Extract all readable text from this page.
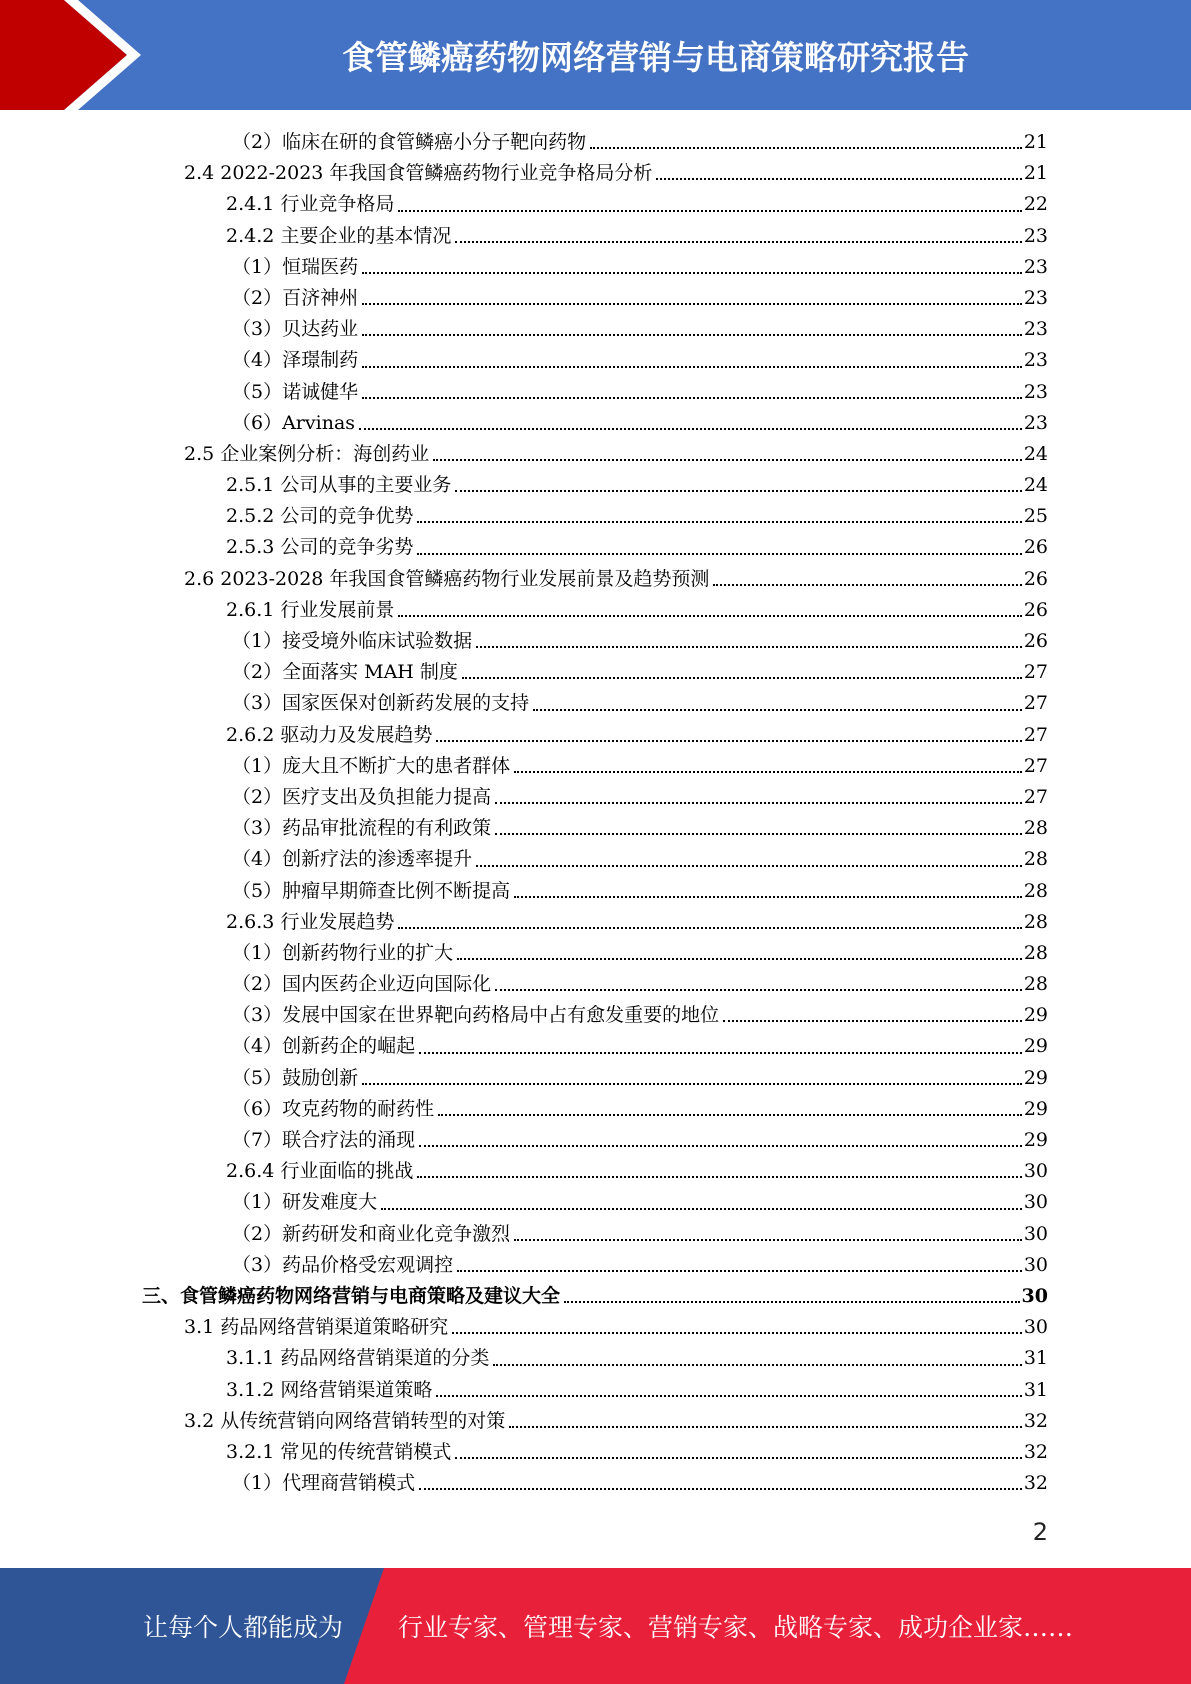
食管鳞癌药物网络营销与电商策略研究报告
（2）临床在研的食管鳞癌小分子靶向药物	21
2.4 2022-2023 年我国食管鳞癌药物行业竞争格局分析	21
2.4.1 行业竞争格局	22
2.4.2 主要企业的基本情况	23
（1）恒瑞医药	23
（2）百济神州	23
（3）贝达药业	23
（4）泽璟制药	23
（5）诺诚健华	23
（6）Arvinas	23
2.5 企业案例分析：海创药业	24
2.5.1 公司从事的主要业务	24
2.5.2 公司的竞争优势	25
2.5.3 公司的竞争劣势	26
2.6 2023-2028 年我国食管鳞癌药物行业发展前景及趋势预测	26
2.6.1 行业发展前景	26
（1）接受境外临床试验数据	26
（2）全面落实 MAH 制度	27
（3）国家医保对创新药发展的支持	27
2.6.2 驱动力及发展趋势	27
（1）庞大且不断扩大的患者群体	27
（2）医疗支出及负担能力提高	27
（3）药品审批流程的有利政策	28
（4）创新疗法的渗透率提升	28
（5）肿瘤早期筛查比例不断提高	28
2.6.3 行业发展趋势	28
（1）创新药物行业的扩大	28
（2）国内医药企业迈向国际化	28
（3）发展中国家在世界靶向药格局中占有愈发重要的地位	29
（4）创新药企的崛起	29
（5）鼓励创新	29
（6）攻克药物的耐药性	29
（7）联合疗法的涌现	29
2.6.4 行业面临的挑战	30
（1）研发难度大	30
（2）新药研发和商业化竞争激烈	30
（3）药品价格受宏观调控	30
三、食管鳞癌药物网络营销与电商策略及建议大全	30
3.1 药品网络营销渠道策略研究	30
3.1.1 药品网络营销渠道的分类	31
3.1.2 网络营销渠道策略	31
3.2 从传统营销向网络营销转型的对策	32
3.2.1 常见的传统营销模式	32
（1）代理商营销模式	32
2
让每个人都能成为 行业专家、管理专家、营销专家、战略专家、成功企业家……
